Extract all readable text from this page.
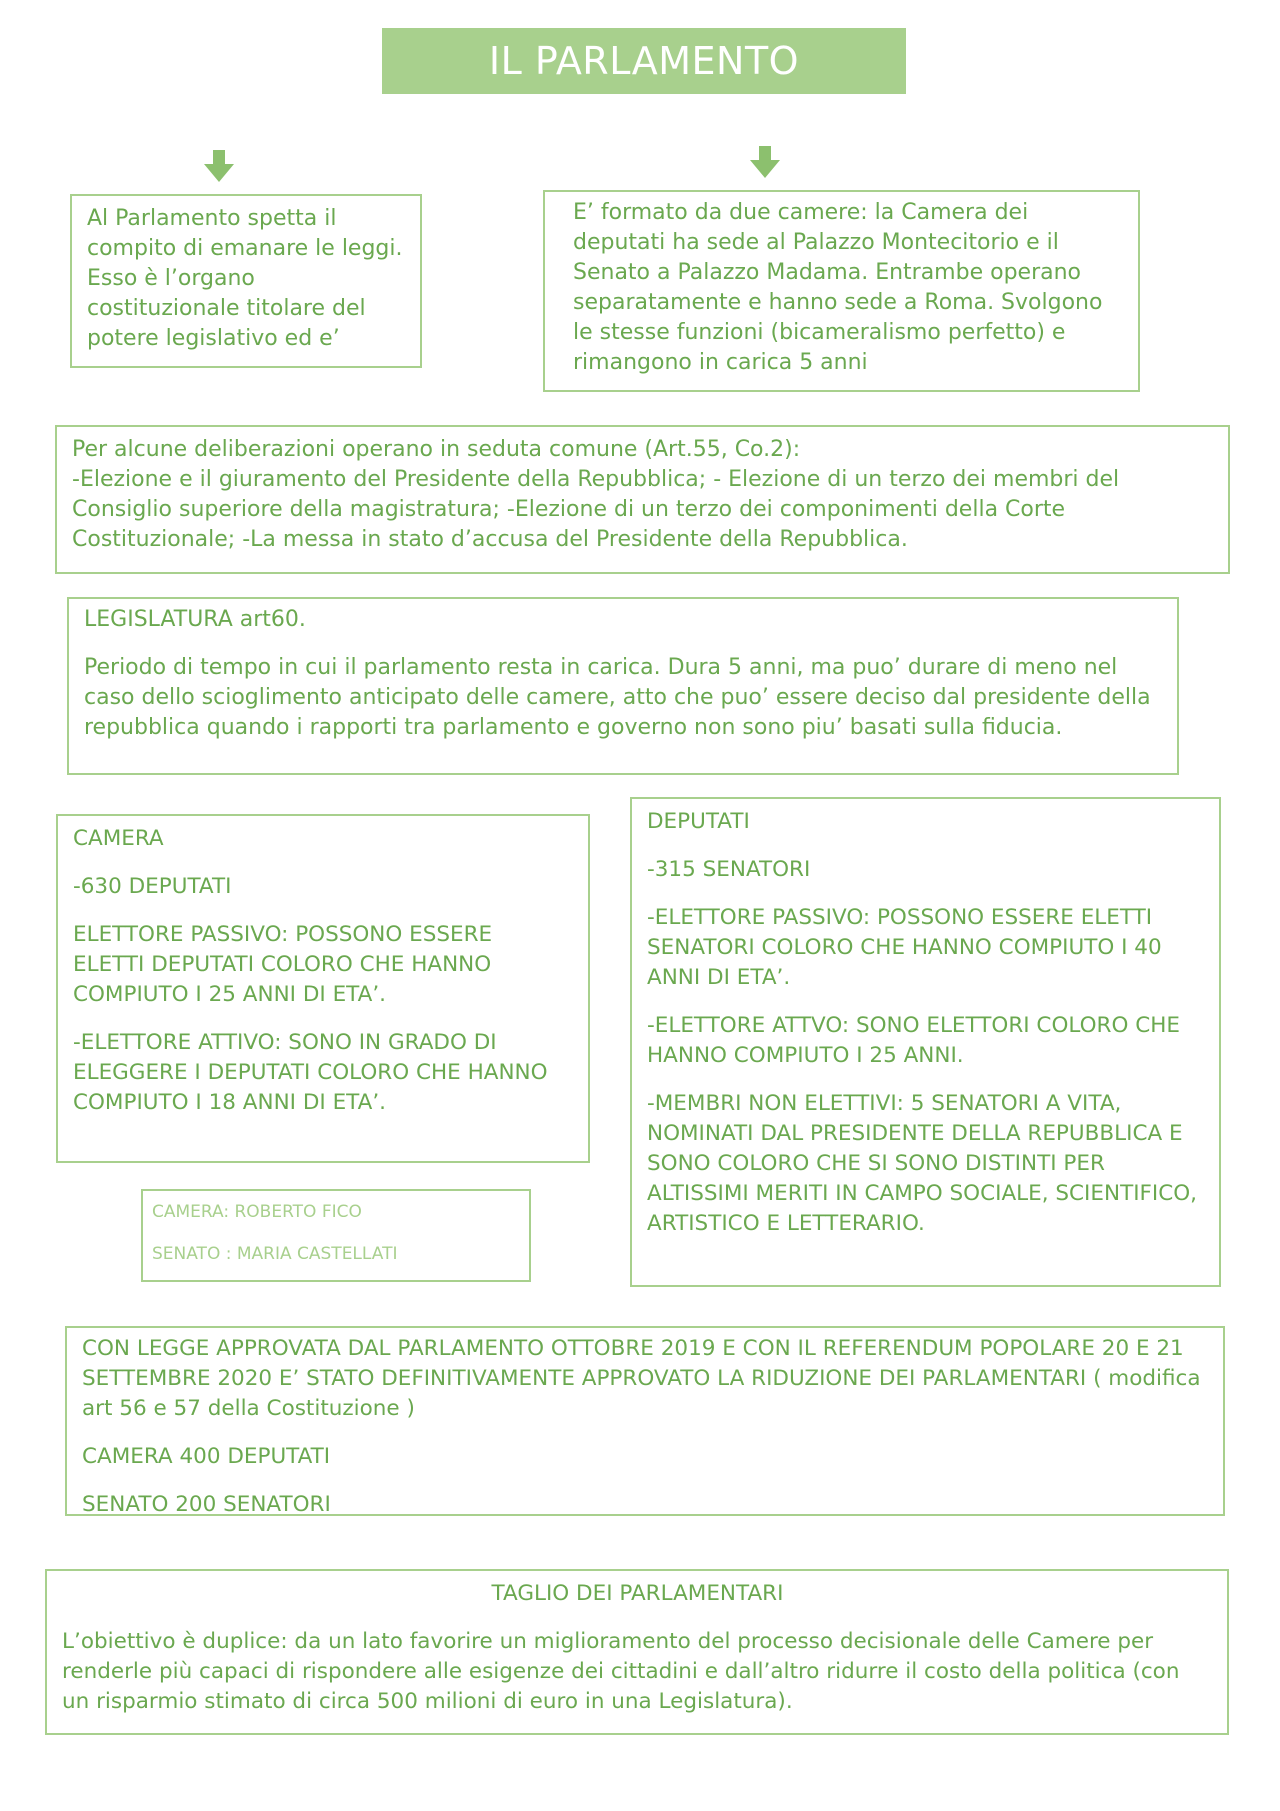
IL PARLAMENTO

Al Parlamento spetta il compito di emanare le leggi. Esso è l’organo costituzionale titolare del potere legislativo ed e’

E’ formato da due camere: la Camera dei deputati ha sede al Palazzo Montecitorio e il Senato a Palazzo Madama. Entrambe operano separatamente e hanno sede a Roma. Svolgono le stesse funzioni (bicameralismo perfetto) e rimangono in carica 5 anni

Per alcune deliberazioni operano in seduta comune (Art.55, Co.2):

-Elezione e il giuramento del Presidente della Repubblica; - Elezione di un terzo dei membri del Consiglio superiore della magistratura; -Elezione di un terzo dei componimenti della Corte Costituzionale; -La messa in stato d’accusa del Presidente della Repubblica.

LEGISLATURA art60.

Periodo di tempo in cui il parlamento resta in carica. Dura 5 anni, ma puo’ durare di meno nel caso dello scioglimento anticipato delle camere, atto che puo’ essere deciso dal presidente della repubblica quando i rapporti tra parlamento e governo non sono piu’ basati sulla fiducia.

CAMERA

-630 DEPUTATI

ELETTORE PASSIVO: POSSONO ESSERE ELETTI DEPUTATI COLORO CHE HANNO COMPIUTO I 25 ANNI DI ETA’.

-ELETTORE ATTIVO: SONO IN GRADO DI ELEGGERE I DEPUTATI COLORO CHE HANNO COMPIUTO I 18 ANNI DI ETA’.

CAMERA: ROBERTO FICO

SENATO : MARIA CASTELLATI

DEPUTATI

-315 SENATORI

-ELETTORE PASSIVO: POSSONO ESSERE ELETTI SENATORI COLORO CHE HANNO COMPIUTO I 40 ANNI DI ETA’.

-ELETTORE ATTVO: SONO ELETTORI COLORO CHE HANNO COMPIUTO I 25 ANNI.

-MEMBRI NON ELETTIVI: 5 SENATORI A VITA, NOMINATI DAL PRESIDENTE DELLA REPUBBLICA E SONO COLORO CHE SI SONO DISTINTI PER ALTISSIMI MERITI IN CAMPO SOCIALE, SCIENTIFICO, ARTISTICO E LETTERARIO.

CON LEGGE APPROVATA DAL PARLAMENTO OTTOBRE 2019 E CON IL REFERENDUM POPOLARE 20 E 21 SETTEMBRE 2020 E’ STATO DEFINITIVAMENTE APPROVATO LA RIDUZIONE DEI PARLAMENTARI ( modifica art 56 e 57 della Costituzione )

CAMERA 400 DEPUTATI

SENATO 200 SENATORI

TAGLIO DEI PARLAMENTARI

L’obiettivo è duplice: da un lato favorire un miglioramento del processo decisionale delle Camere per renderle più capaci di rispondere alle esigenze dei cittadini e dall’altro ridurre il costo della politica (con un risparmio stimato di circa 500 milioni di euro in una Legislatura).
